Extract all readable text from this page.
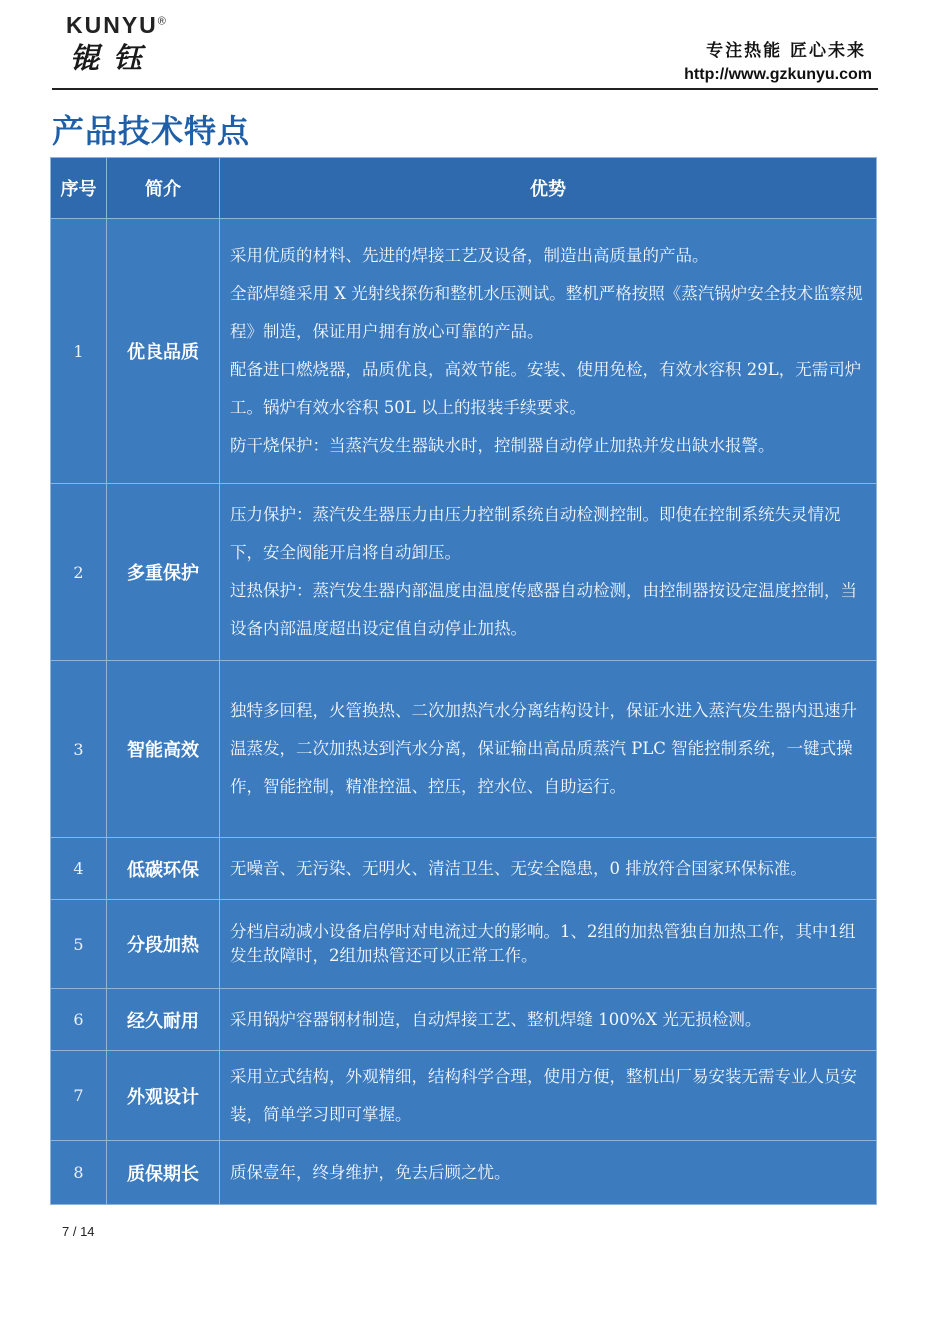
KUNYU®
锟钰	专注热能 匠心未来
http://www.gzkunyu.com
产品技术特点
序号	简介	优势
1	优良品质	采用优质的材料、先进的焊接工艺及设备，制造出高质量的产品。
全部焊缝采用 X 光射线探伤和整机水压测试。整机严格按照《蒸汽锅炉安全技术监察规程》制造，保证用户拥有放心可靠的产品。
配备进口燃烧器，品质优良，高效节能。安装、使用免检，有效水容积 29L，无需司炉工。锅炉有效水容积 50L 以上的报装手续要求。
防干烧保护：当蒸汽发生器缺水时，控制器自动停止加热并发出缺水报警。

2	多重保护	压力保护：蒸汽发生器压力由压力控制系统自动检测控制。即使在控制系统失灵情况下，安全阀能开启将自动卸压。
过热保护：蒸汽发生器内部温度由温度传感器自动检测，由控制器按设定温度控制，当设备内部温度超出设定值自动停止加热。

3	智能高效	独特多回程，火管换热、二次加热汽水分离结构设计，保证水进入蒸汽发生器内迅速升温蒸发，二次加热达到汽水分离，保证输出高品质蒸汽 PLC 智能控制系统，一键式操作，智能控制，精准控温、控压，控水位、自助运行。

4	低碳环保	无噪音、无污染、无明火、清洁卫生、无安全隐患，0 排放符合国家环保标准。

5	分段加热	分档启动减小设备启停时对电流过大的影响。1、2组的加热管独自加热工作，其中1组发生故障时，2组加热管还可以正常工作。

6	经久耐用	采用锅炉容器钢材制造，自动焊接工艺、整机焊缝 100%X 光无损检测。

7	外观设计	采用立式结构，外观精细，结构科学合理，使用方便，整机出厂易安装无需专业人员安装，简单学习即可掌握。

8	质保期长	质保壹年，终身维护，免去后顾之忧。
7 / 14
